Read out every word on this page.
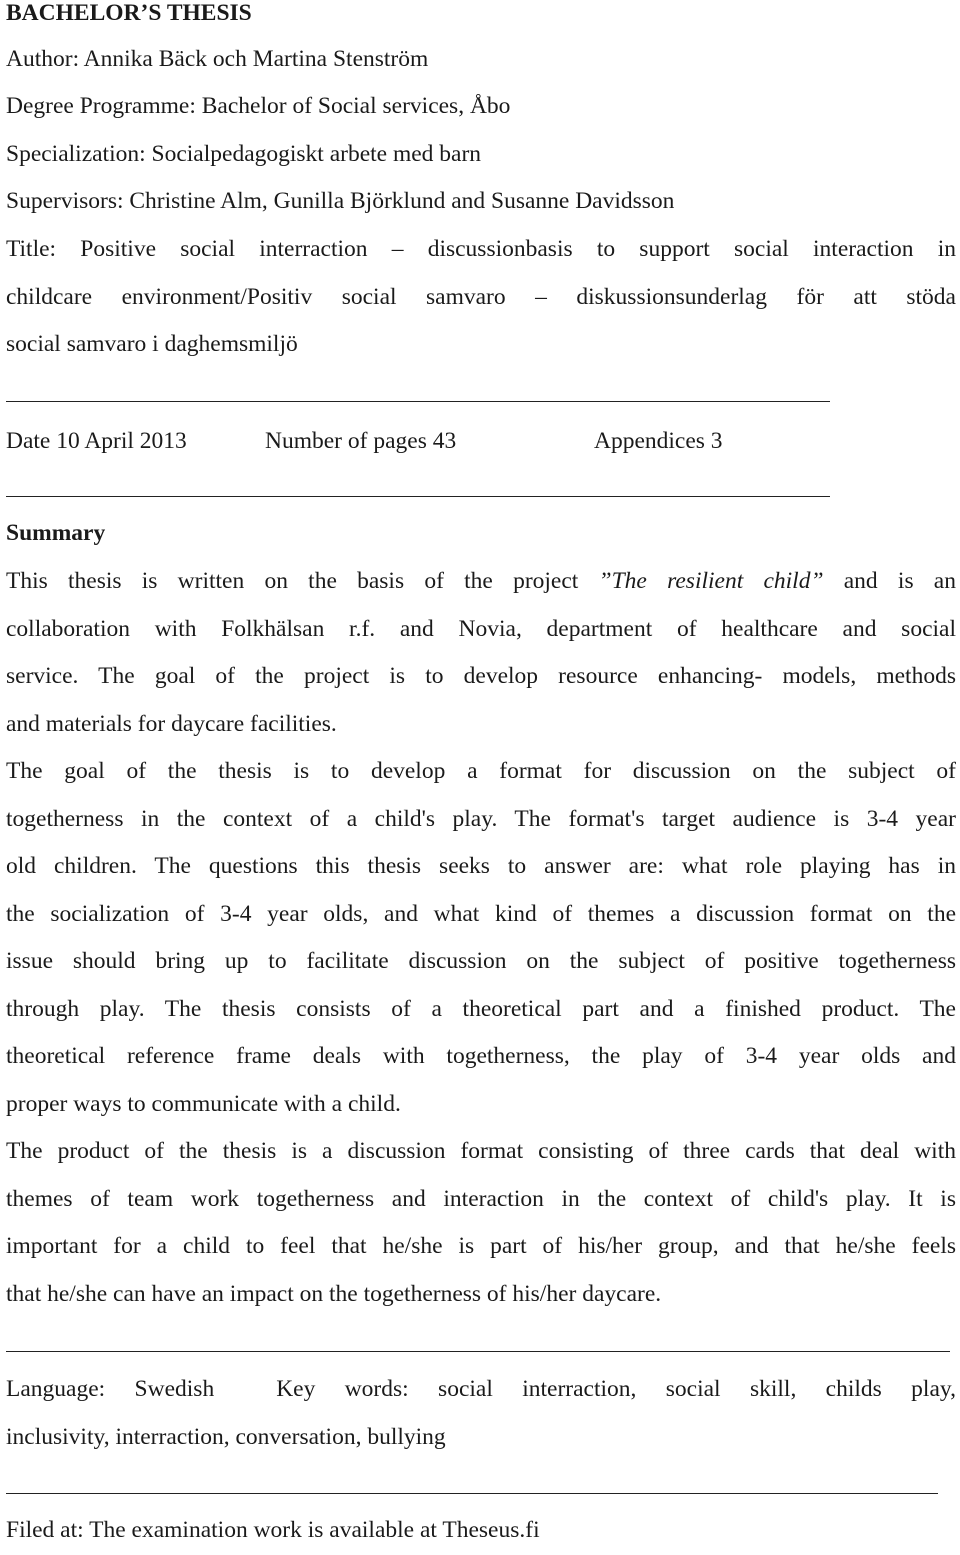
BACHELOR’S THESIS
Author: Annika Bäck och Martina Stenström
Degree Programme: Bachelor of Social services, Åbo
Specialization: Socialpedagogiskt arbete med barn
Supervisors: Christine Alm, Gunilla Björklund and Susanne Davidsson
Title: Positive social interraction – discussionbasis to support social interaction in
childcare environment/Positiv social samvaro – diskussionsunderlag för att stöda
social samvaro i daghemsmiljö
Date 10 April 2013	Number of pages 43	Appendices 3
Summary
This thesis is written on the basis of the project ”The resilient child” and is an
collaboration with Folkhälsan r.f. and Novia, department of healthcare and social
service. The goal of the project is to develop resource enhancing- models, methods
and materials for daycare facilities.
The goal of the thesis is to develop a format for discussion on the subject of
togetherness in the context of a child's play. The format's target audience is 3-4 year
old children. The questions this thesis seeks to answer are: what role playing has in
the socialization of 3-4 year olds, and what kind of themes a discussion format on the
issue should bring up to facilitate discussion on the subject of positive togetherness
through play. The thesis consists of a theoretical part and a finished product. The
theoretical reference frame deals with togetherness, the play of 3-4 year olds and
proper ways to communicate with a child.
The product of the thesis is a discussion format consisting of three cards that deal with
themes of team work togetherness and interaction in the context of child's play. It is
important for a child to feel that he/she is part of his/her group, and that he/she feels
that he/she can have an impact on the togetherness of his/her daycare.
Language: Swedish	Key words: social interraction, social skill, childs play,
inclusivity, interraction, conversation, bullying
Filed at: The examination work is available at Theseus.fi
